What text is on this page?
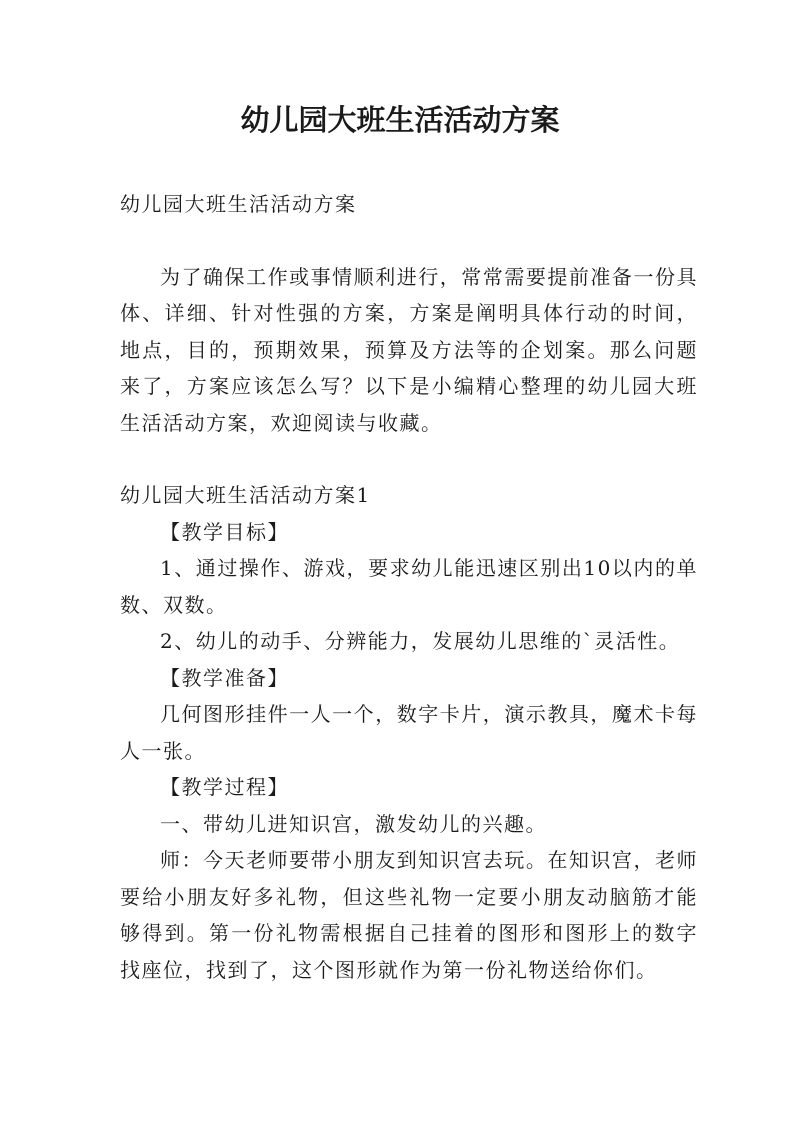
幼儿园大班生活活动方案

幼儿园大班生活活动方案

为了确保工作或事情顺利进行，常常需要提前准备一份具体、详细、针对性强的方案，方案是阐明具体行动的时间，地点，目的，预期效果，预算及方法等的企划案。那么问题来了，方案应该怎么写？以下是小编精心整理的幼儿园大班生活活动方案，欢迎阅读与收藏。

幼儿园大班生活活动方案1

【教学目标】

1、通过操作、游戏，要求幼儿能迅速区别出10以内的单数、双数。

2、幼儿的动手、分辨能力，发展幼儿思维的`灵活性。

【教学准备】

几何图形挂件一人一个，数字卡片，演示教具，魔术卡每人一张。

【教学过程】

一、带幼儿进知识宫，激发幼儿的兴趣。

师：今天老师要带小朋友到知识宫去玩。在知识宫，老师要给小朋友好多礼物，但这些礼物一定要小朋友动脑筋才能够得到。第一份礼物需根据自己挂着的图形和图形上的数字找座位，找到了，这个图形就作为第一份礼物送给你们。
